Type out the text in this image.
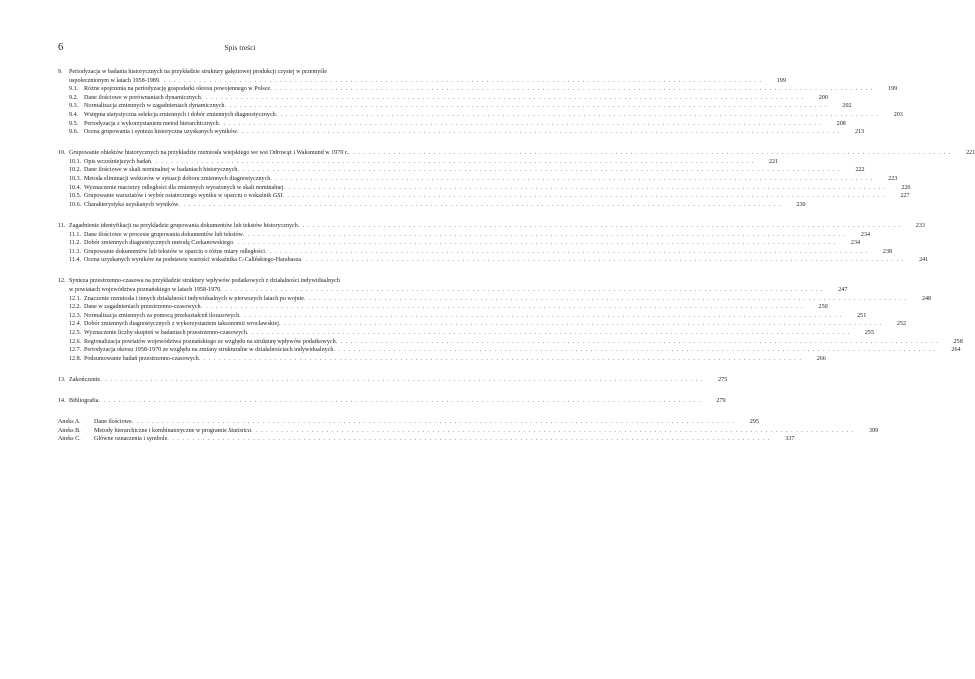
6	Spis treści
9.	Periodyzacja w badania historycznych na przykładzie struktury gałęziowej produkcji czystej w przemyśle
uspołecznionym w latach 1958-1989 . . .	199
9.1. Różne spojrzenia na periodyzację gospodarki okresu powojennego w Polsce . . .	199
9.2. Dane ilościowe w porównaniach dynamicznych . . .	200
9.3. Normalizacja zmiennych w zagadnieniach dynamicznych . . .	202
9.4. Wstępna statystyczna selekcja zmiennych i dobór zmiennych diagnostycznych . . .	203
9.5. Periodyzacja z wykorzystaniem metod hierarchicznych . . .	208
9.6. Ocena grupowania i synteza historyczna uzyskanych wyników . . .	213
10. Grupowanie obiektów historycznych na przykładzie rzemiosła wiejskiego we wsi Odrowąż i Waksmund w 1970 r. . . .	221
10.1. Opis wcześniejszych badań . . .	221
10.2. Dane ilościowe w skali nominalnej w badaniach historycznych . . .	222
10.3. Metoda eliminacji wektorów w sytuacji doboru zmiennych diagnostycznych . . .	223
10.4. Wyznaczenie macierzy odległości dla zmiennych wyrażonych w skali nominalnej . . .	226
10.5. Grupowanie warsztatów i wybór ostatecznego wyniku w oparciu o wskaźnik GSI . . .	227
10.6. Charakterystyka uzyskanych wyników . . .	230
11. Zagadnienie identyfikacji na przykładzie grupowania dokumentów lub tekstów historycznych . . .	233
11.1. Dane ilościowe w procesie grupowania dokumentów lub tekstów . . .	234
11.2. Dobór zmiennych diagnostycznych metodą Czekanowskiego . . .	234
11.3. Grupowanie dokumentów lub tekstów w oparciu o różne miary odległości . . .	238
11.4. Ocena uzyskanych wyników na podstawie wartości wskaźnika C-Calińskiego-Harabasza . . .	241
12. Synteza przestrzenno-czasowa na przykładzie struktury wpływów podatkowych z działalności indywidualnych
w powiatach województwa poznańskiego w latach 1958-1970 . . .	247
12.1. Znaczenie rzemiosła i innych działalności indywidualnych w pierwszych latach po wojnie . . .	248
12.2. Dane w zagadnieniach przestrzenno-czasowych . . .	250
12.3. Normalizacja zmiennych za pomocą przekształceń ilorazowych . . .	251
12.4. Dobór zmiennych diagnostycznych z wykorzystaniem taksonomii wrocławskiej . . .	252
12.5. Wyznaczenie liczby skupień w badaniach przestrzenno-czasowych . . .	255
12.6. Regionalizacja powiatów województwa poznańskiego ze względu na strukturę wpływów podatkowych . . .	258
12.7. Periodyzacja okresu 1958-1970 ze względu na zmiany strukturalne w działalnościach indywidualnych . . .	264
12.8. Podsumowanie badań przestrzenno-czasowych . . .	266
13. Zakończenie . . .	275
14. Bibliografia . . .	279
Aneks A.	Dane ilościowe . . .	295
Aneks B.	Metody hierarchiczne i kombinatoryczne w programie Statistica . . .	309
Aneks C.	Główne oznaczenia i symbole . . .	337
